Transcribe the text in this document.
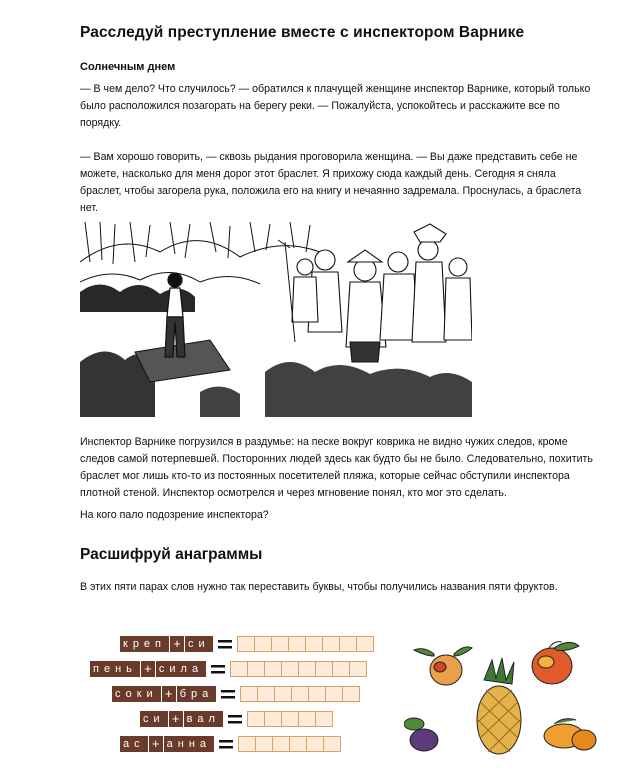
Расследуй преступление вместе с инспектором Варнике
Солнечным днем

— В чем дело? Что случилось? — обратился к плачущей женщине инспектор Варнике, который только было расположился позагорать на берегу реки. — Пожалуйста, успокойтесь и расскажите все по порядку.

— Вам хорошо говорить, — сквозь рыдания проговорила женщина. — Вы даже представить себе не можете, насколько для меня дорог этот браслет. Я прихожу сюда каждый день. Сегодня я сняла браслет, чтобы загорела рука, положила его на книгу и нечаянно задремала. Проснулась, а браслета нет.

Инспектор Варнике погрузился в раздумье: на песке вокруг коврика не видно чужих следов, кроме следов самой потерпевшей. Посторонних людей здесь как будто бы не было. Следовательно, похитить браслет мог лишь кто-то из постоянных посетителей пляжа, которые сейчас обступили инспектора плотной стеной. Инспектор осмотрелся и через мгновение понял, кто мог это сделать.

На кого пало подозрение инспектора?

Расшифруй анаграммы

В этих пяти парах слов нужно так переставить буквы, чтобы получились названия пяти фруктов.

креп + си
пень + сила
соки + бра
си + вал
ас + анна
